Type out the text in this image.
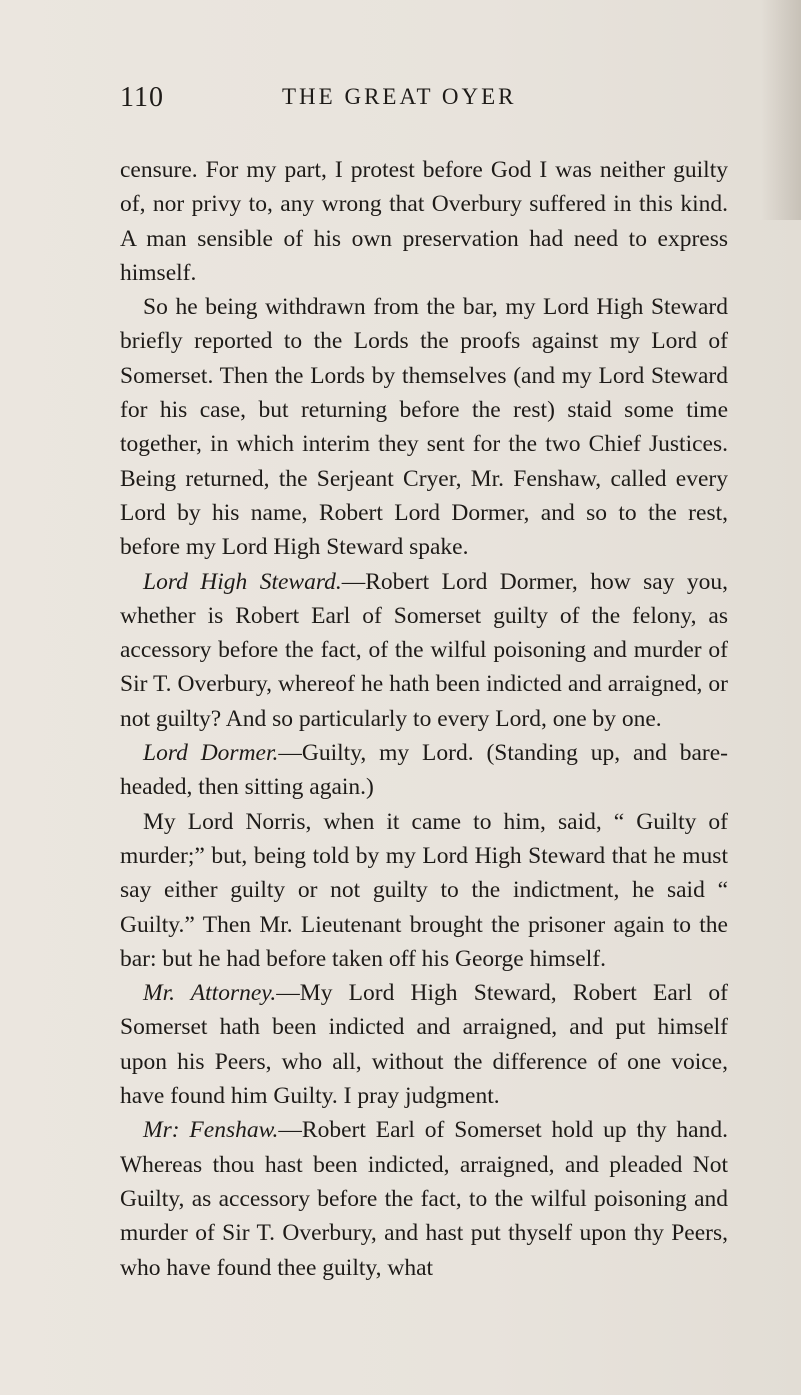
110	THE GREAT OYER

censure. For my part, I protest before God I was neither guilty of, nor privy to, any wrong that Overbury suffered in this kind. A man sensible of his own preservation had need to express himself.

So he being withdrawn from the bar, my Lord High Steward briefly reported to the Lords the proofs against my Lord of Somerset. Then the Lords by themselves (and my Lord Steward for his case, but returning before the rest) staid some time together, in which interim they sent for the two Chief Justices. Being returned, the Serjeant Cryer, Mr. Fenshaw, called every Lord by his name, Robert Lord Dormer, and so to the rest, before my Lord High Steward spake.

Lord High Steward.—Robert Lord Dormer, how say you, whether is Robert Earl of Somerset guilty of the felony, as accessory before the fact, of the wilful poisoning and murder of Sir T. Overbury, whereof he hath been indicted and arraigned, or not guilty? And so particularly to every Lord, one by one.

Lord Dormer.—Guilty, my Lord. (Standing up, and bare-headed, then sitting again.)

My Lord Norris, when it came to him, said, “ Guilty of murder;” but, being told by my Lord High Steward that he must say either guilty or not guilty to the indictment, he said “ Guilty.” Then Mr. Lieutenant brought the prisoner again to the bar: but he had before taken off his George himself.

Mr. Attorney.—My Lord High Steward, Robert Earl of Somerset hath been indicted and arraigned, and put himself upon his Peers, who all, without the difference of one voice, have found him Guilty. I pray judgment.

Mr: Fenshaw.—Robert Earl of Somerset hold up thy hand. Whereas thou hast been indicted, arraigned, and pleaded Not Guilty, as accessory before the fact, to the wilful poisoning and murder of Sir T. Overbury, and hast put thyself upon thy Peers, who have found thee guilty, what
